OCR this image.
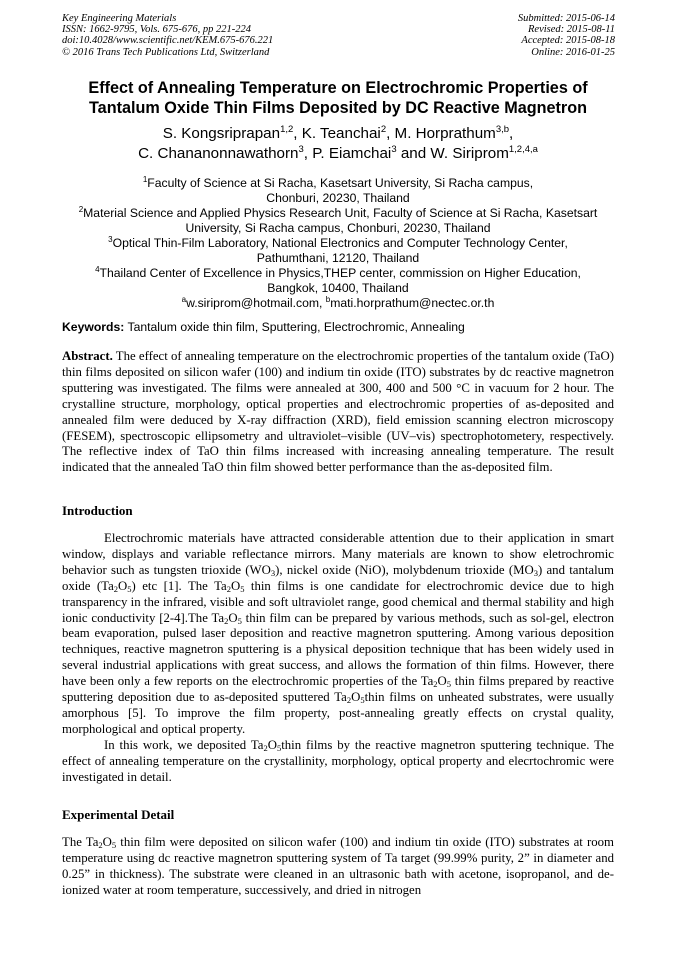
Key Engineering Materials
ISSN: 1662-9795, Vols. 675-676, pp 221-224
doi:10.4028/www.scientific.net/KEM.675-676.221
© 2016 Trans Tech Publications Ltd, Switzerland
Submitted: 2015-06-14
Revised: 2015-08-11
Accepted: 2015-08-18
Online: 2016-01-25
Effect of Annealing Temperature on Electrochromic Properties of
Tantalum Oxide Thin Films Deposited by DC Reactive Magnetron
S. Kongsriprapan$^{1,2}$, K. Teanchai$^2$, M. Horprathum$^{3,b}$,
C. Chananonnawathorn$^3$, P. Eiamchai$^3$ and W. Siriprom$^{1,2,4,a}$
$^1$Faculty of Science at Si Racha, Kasetsart University, Si Racha campus,
Chonburi, 20230, Thailand
$^2$Material Science and Applied Physics Research Unit, Faculty of Science at Si Racha, Kasetsart
University, Si Racha campus, Chonburi, 20230, Thailand
$^3$Optical Thin-Film Laboratory, National Electronics and Computer Technology Center,
Pathumthani, 12120, Thailand
$^4$Thailand Center of Excellence in Physics,THEP center, commission on Higher Education,
Bangkok, 10400, Thailand
$^a$w.siriprom@hotmail.com, $^b$mati.horprathum@nectec.or.th
Keywords: Tantalum oxide thin film, Sputtering, Electrochromic, Annealing

Abstract. The effect of annealing temperature on the electrochromic properties of the tantalum oxide (TaO) thin films deposited on silicon wafer (100) and indium tin oxide (ITO) substrates by dc reactive magnetron sputtering was investigated. The films were annealed at 300, 400 and 500 °C in vacuum for 2 hour. The crystalline structure, morphology, optical properties and electrochromic properties of as-deposited and annealed film were deduced by X-ray diffraction (XRD), field emission scanning electron microscopy (FESEM), spectroscopic ellipsometry and ultraviolet–visible (UV–vis) spectrophotometery, respectively. The reflective index of TaO thin films increased with increasing annealing temperature. The result indicated that the annealed TaO thin film showed better performance than the as-deposited film.

Introduction

Electrochromic materials have attracted considerable attention due to their application in smart window, displays and variable reflectance mirrors. Many materials are known to show eletrochromic behavior such as tungsten trioxide $(WO_3)$, nickel oxide (NiO), molybdenum trioxide $(MO_3)$ and tantalum oxide $(Ta_2O_5)$ etc [1]. The $Ta_2O_5$ thin films is one candidate for electrochromic device due to high transparency in the infrared, visible and soft ultraviolet range, good chemical and thermal stability and high ionic conductivity [2-4].The $Ta_2O_5$ thin film can be prepared by various methods, such as sol-gel, electron beam evaporation, pulsed laser deposition and reactive magnetron sputtering. Among various deposition techniques, reactive magnetron sputtering is a physical deposition technique that has been widely used in several industrial applications with great success, and allows the formation of thin films. However, there have been only a few reports on the electrochromic properties of the $Ta_2O_5$ thin films prepared by reactive sputtering deposition due to as-deposited sputtered $Ta_2O_5thin$ films on unheated substrates, were usually amorphous [5]. To improve the film property, post-annealing greatly effects on crystal quality, morphological and optical property.

In this work, we deposited $Ta_2O_5thin$ films by the reactive magnetron sputtering technique. The effect of annealing temperature on the crystallinity, morphology, optical property and elecrtochromic were investigated in detail.

Experimental Detail

The $Ta_2O_5$ thin film were deposited on silicon wafer (100) and indium tin oxide (ITO) substrates at room temperature using dc reactive magnetron sputtering system of Ta target (99.99% purity, 2” in diameter and 0.25” in thickness). The substrate were cleaned in an ultrasonic bath with acetone, isopropanol, and de-ionized water at room temperature, successively, and dried in nitrogen
